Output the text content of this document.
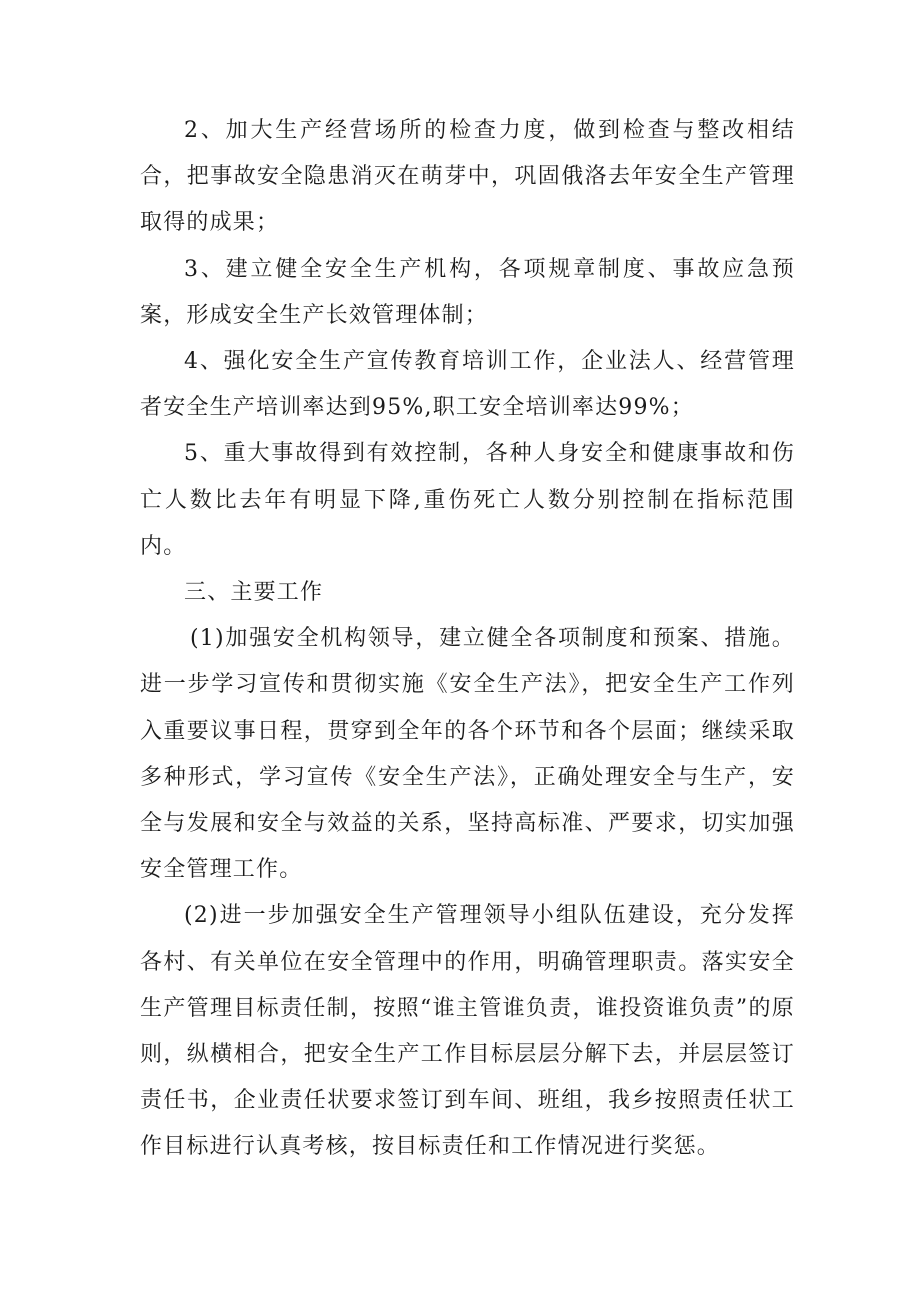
2、加大生产经营场所的检查力度，做到检查与整改相结合，把事故安全隐患消灭在萌芽中，巩固俄洛去年安全生产管理取得的成果；

3、建立健全安全生产机构，各项规章制度、事故应急预案，形成安全生产长效管理体制；

4、强化安全生产宣传教育培训工作，企业法人、经营管理者安全生产培训率达到95%,职工安全培训率达99%；

5、重大事故得到有效控制，各种人身安全和健康事故和伤亡人数比去年有明显下降,重伤死亡人数分别控制在指标范围内。

三、主要工作

(1)加强安全机构领导，建立健全各项制度和预案、措施。进一步学习宣传和贯彻实施《安全生产法》，把安全生产工作列入重要议事日程，贯穿到全年的各个环节和各个层面；继续采取多种形式，学习宣传《安全生产法》，正确处理安全与生产，安全与发展和安全与效益的关系，坚持高标准、严要求，切实加强安全管理工作。

(2)进一步加强安全生产管理领导小组队伍建设，充分发挥各村、有关单位在安全管理中的作用，明确管理职责。落实安全生产管理目标责任制，按照“谁主管谁负责，谁投资谁负责”的原则，纵横相合，把安全生产工作目标层层分解下去，并层层签订责任书，企业责任状要求签订到车间、班组，我乡按照责任状工作目标进行认真考核，按目标责任和工作情况进行奖惩。
